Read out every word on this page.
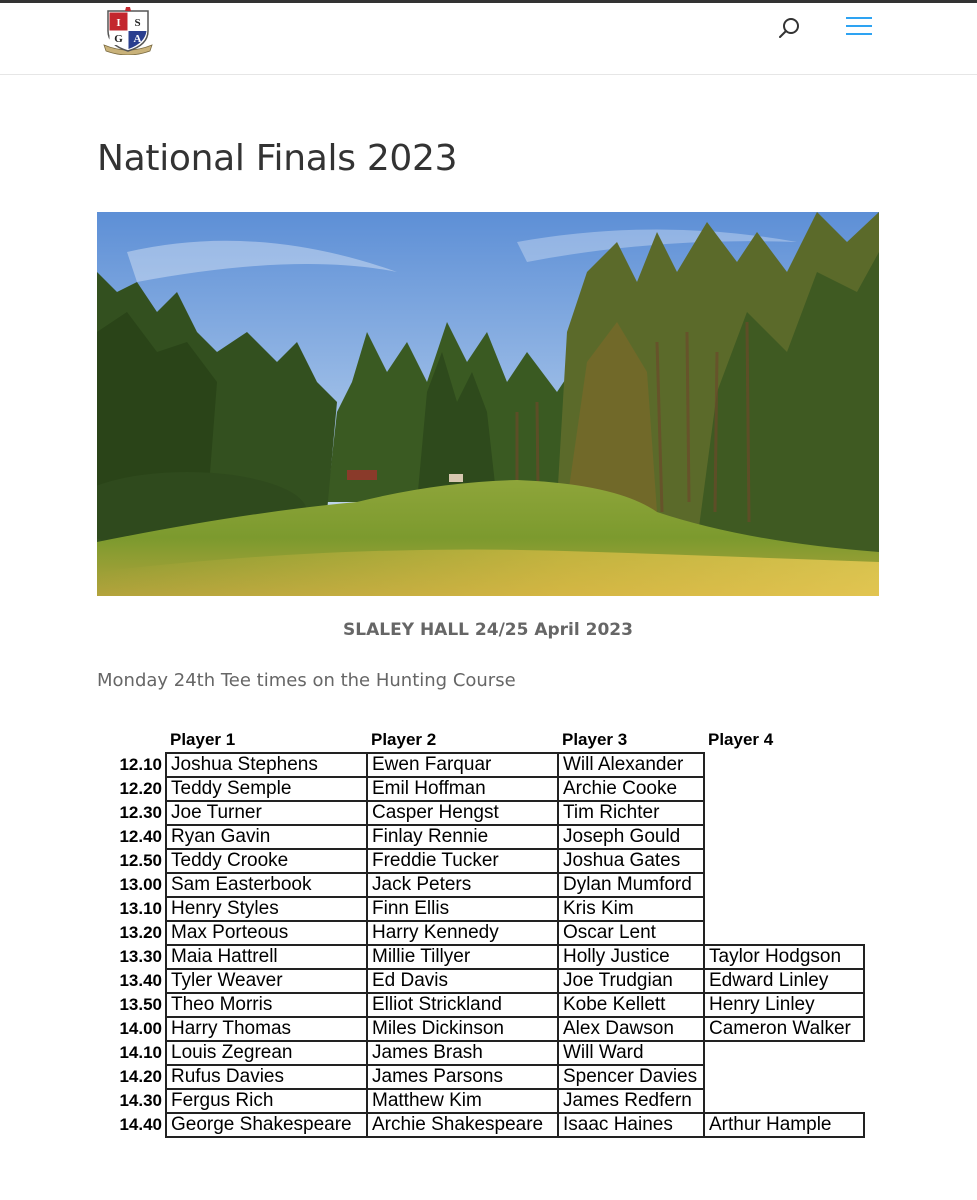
I S
G A
National Finals 2023
SLALEY HALL 24/25 April 2023
Monday 24th Tee times on the Hunting Course
	Player 1	Player 2	Player 3	Player 4
12.10	Joshua Stephens	Ewen Farquar	Will Alexander	
12.20	Teddy Semple	Emil Hoffman	Archie Cooke	
12.30	Joe Turner	Casper Hengst	Tim Richter	
12.40	Ryan Gavin	Finlay Rennie	Joseph Gould	
12.50	Teddy Crooke	Freddie Tucker	Joshua Gates	
13.00	Sam Easterbook	Jack Peters	Dylan Mumford	
13.10	Henry Styles	Finn Ellis	Kris Kim	
13.20	Max Porteous	Harry Kennedy	Oscar Lent	
13.30	Maia Hattrell	Millie Tillyer	Holly Justice	Taylor Hodgson
13.40	Tyler Weaver	Ed Davis	Joe Trudgian	Edward Linley
13.50	Theo Morris	Elliot Strickland	Kobe Kellett	Henry Linley
14.00	Harry Thomas	Miles Dickinson	Alex Dawson	Cameron Walker
14.10	Louis Zegrean	James Brash	Will Ward	
14.20	Rufus Davies	James Parsons	Spencer Davies	
14.30	Fergus Rich	Matthew Kim	James Redfern	
14.40	George Shakespeare	Archie Shakespeare	Isaac Haines	Arthur Hample
